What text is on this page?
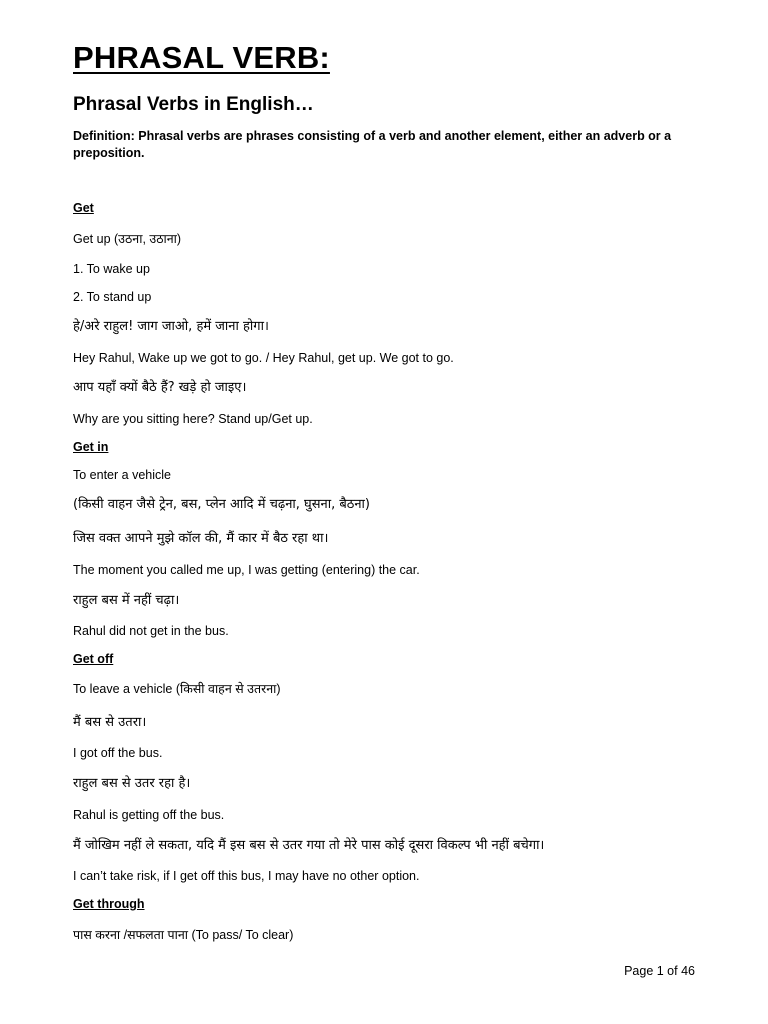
PHRASAL VERB:
Phrasal Verbs in English…

Definition: Phrasal verbs are phrases consisting of a verb and another element, either an adverb or a preposition.

Get
Get up (उठना, उठाना)
1. To wake up
2. To stand up
हे/अरे राहुल! जाग जाओ, हमें जाना होगा।
Hey Rahul, Wake up we got to go. / Hey Rahul, get up. We got to go.
आप यहाँ क्यों बैठे हैं? खड़े हो जाइए।
Why are you sitting here? Stand up/Get up.
Get in
To enter a vehicle
(किसी वाहन जैसे ट्रेन, बस, प्लेन आदि में चढ़ना, घुसना, बैठना)
जिस वक्त आपने मुझे कॉल की, मैं कार में बैठ रहा था।
The moment you called me up, I was getting (entering) the car.
राहुल बस में नहीं चढ़ा।
Rahul did not get in the bus.
Get off
To leave a vehicle (किसी वाहन से उतरना)
मैं बस से उतरा।
I got off the bus.
राहुल बस से उतर रहा है।
Rahul is getting off the bus.
मैं जोखिम नहीं ले सकता, यदि मैं इस बस से उतर गया तो मेरे पास कोई दूसरा विकल्प भी नहीं बचेगा।
I can’t take risk, if I get off this bus, I may have no other option.
Get through
पास करना /सफलता पाना (To pass/ To clear)
Page 1 of 46
